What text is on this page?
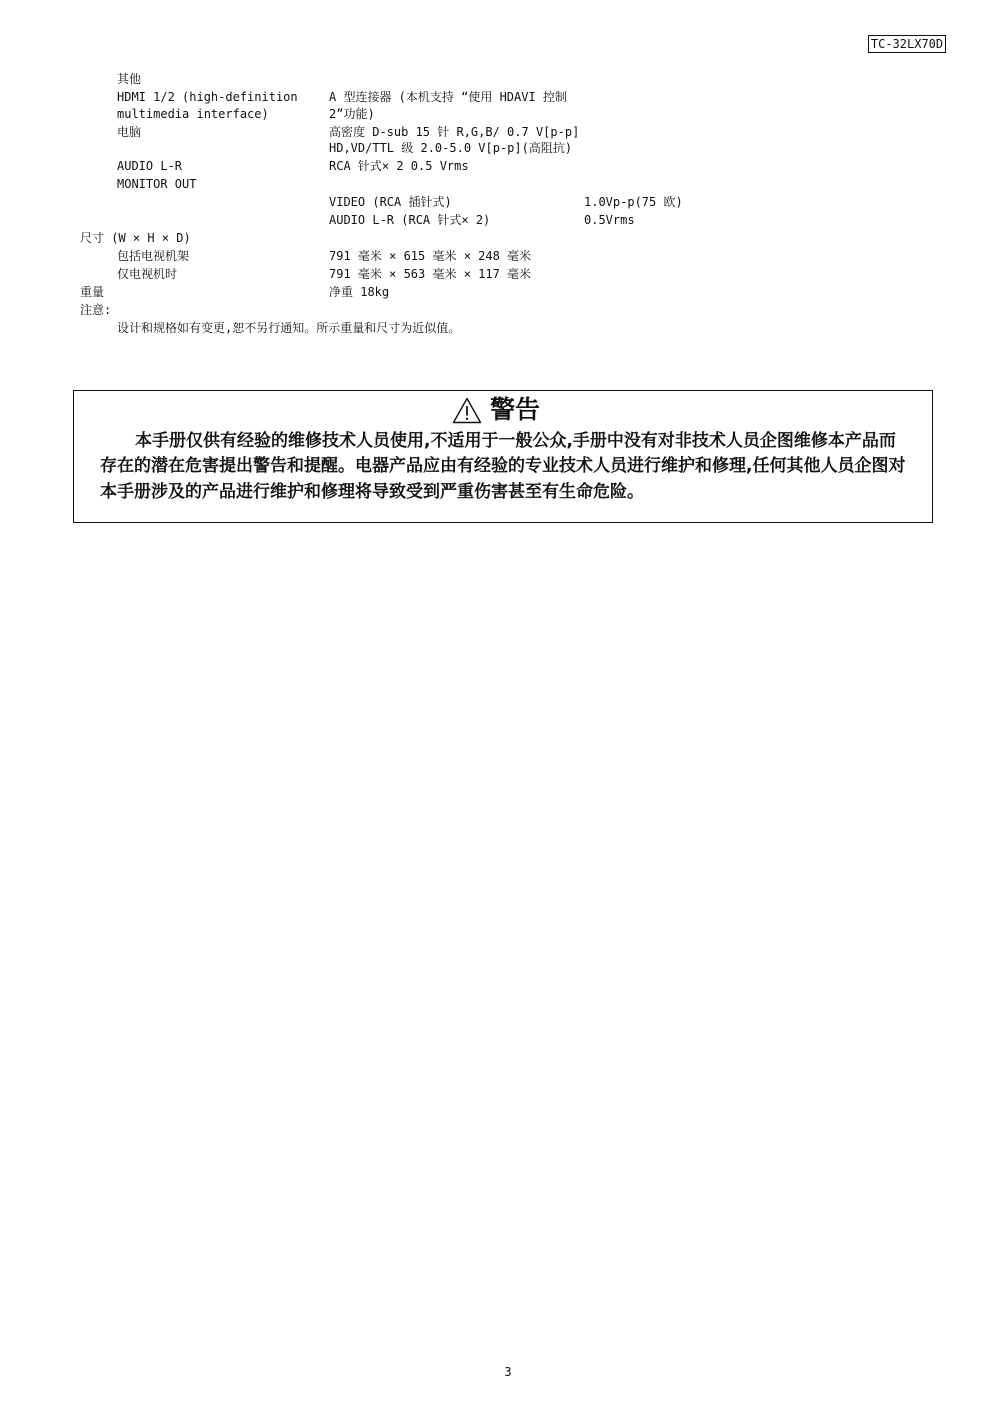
TC-32LX70D
其他
HDMI 1/2 (high-definition	A 型连接器 (本机支持 “使用 HDAVI 控制
multimedia interface)	2”功能)
电脑	高密度 D-sub 15 针 R,G,B/ 0.7 V[p-p]
HD,VD/TTL 级 2.0-5.0 V[p-p](高阻抗)
AUDIO L-R	RCA 针式× 2 0.5 Vrms
MONITOR OUT
VIDEO (RCA 插针式)	1.0Vp-p(75 欧)
AUDIO L-R (RCA 针式× 2)	0.5Vrms
尺寸 (W × H × D)
包括电视机架	791 毫米 × 615 毫米 × 248 毫米
仅电视机时	791 毫米 × 563 毫米 × 117 毫米
重量	净重 18kg
注意:
设计和规格如有变更,恕不另行通知。所示重量和尺寸为近似值。
警告
本手册仅供有经验的维修技术人员使用,不适用于一般公众,手册中没有对非技术人员企图维修本产品而
存在的潜在危害提出警告和提醒。电器产品应由有经验的专业技术人员进行维护和修理,任何其他人员企图对
本手册涉及的产品进行维护和修理将导致受到严重伤害甚至有生命危险。
3
